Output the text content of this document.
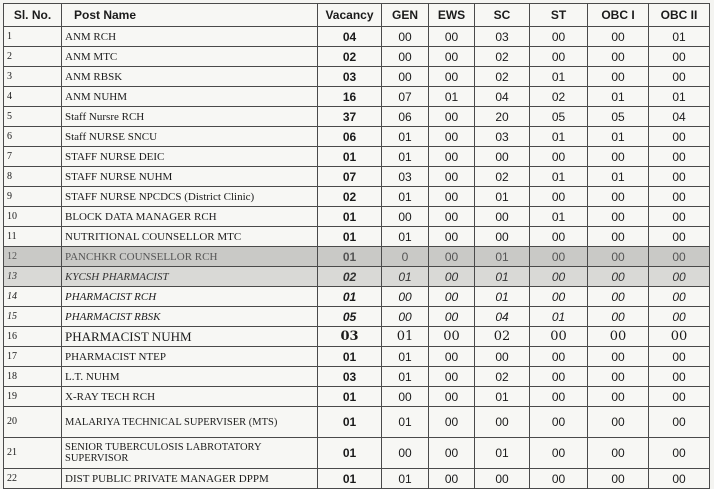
Sl. No.	Post Name	Vacancy	GEN	EWS	SC	ST	OBC I	OBC II
1	ANM RCH	04	00	00	03	00	00	01
2	ANM MTC	02	00	00	02	00	00	00
3	ANM RBSK	03	00	00	02	01	00	00
4	ANM NUHM	16	07	01	04	02	01	01
5	Staff Nursre RCH	37	06	00	20	05	05	04
6	Staff NURSE SNCU	06	01	00	03	01	01	00
7	STAFF NURSE DEIC	01	01	00	00	00	00	00
8	STAFF NURSE NUHM	07	03	00	02	01	01	00
9	STAFF NURSE NPCDCS (District Clinic)	02	01	00	01	00	00	00
10	BLOCK DATA MANAGER RCH	01	00	00	00	01	00	00
11	NUTRITIONAL COUNSELLOR MTC	01	01	00	00	00	00	00
12	PANCHKR COUNSELLOR RCH	01	0	00	01	00	00	00
13	KYCSH PHARMACIST	02	01	00	01	00	00	00
14	PHARMACIST RCH	01	00	00	01	00	00	00
15	PHARMACIST RBSK	05	00	00	04	01	00	00
16	PHARMACIST NUHM	03	01	00	02	00	00	00
17	PHARMACIST NTEP	01	01	00	00	00	00	00
18	L.T. NUHM	03	01	00	02	00	00	00
19	X-RAY TECH RCH	01	00	00	01	00	00	00
20	MALARIYA TECHNICAL SUPERVISER (MTS)	01	01	00	00	00	00	00
21	SENIOR TUBERCULOSIS LABROTATORY SUPERVISOR	01	00	00	01	00	00	00
22	DIST PUBLIC PRIVATE MANAGER DPPM	01	01	00	00	00	00	00
